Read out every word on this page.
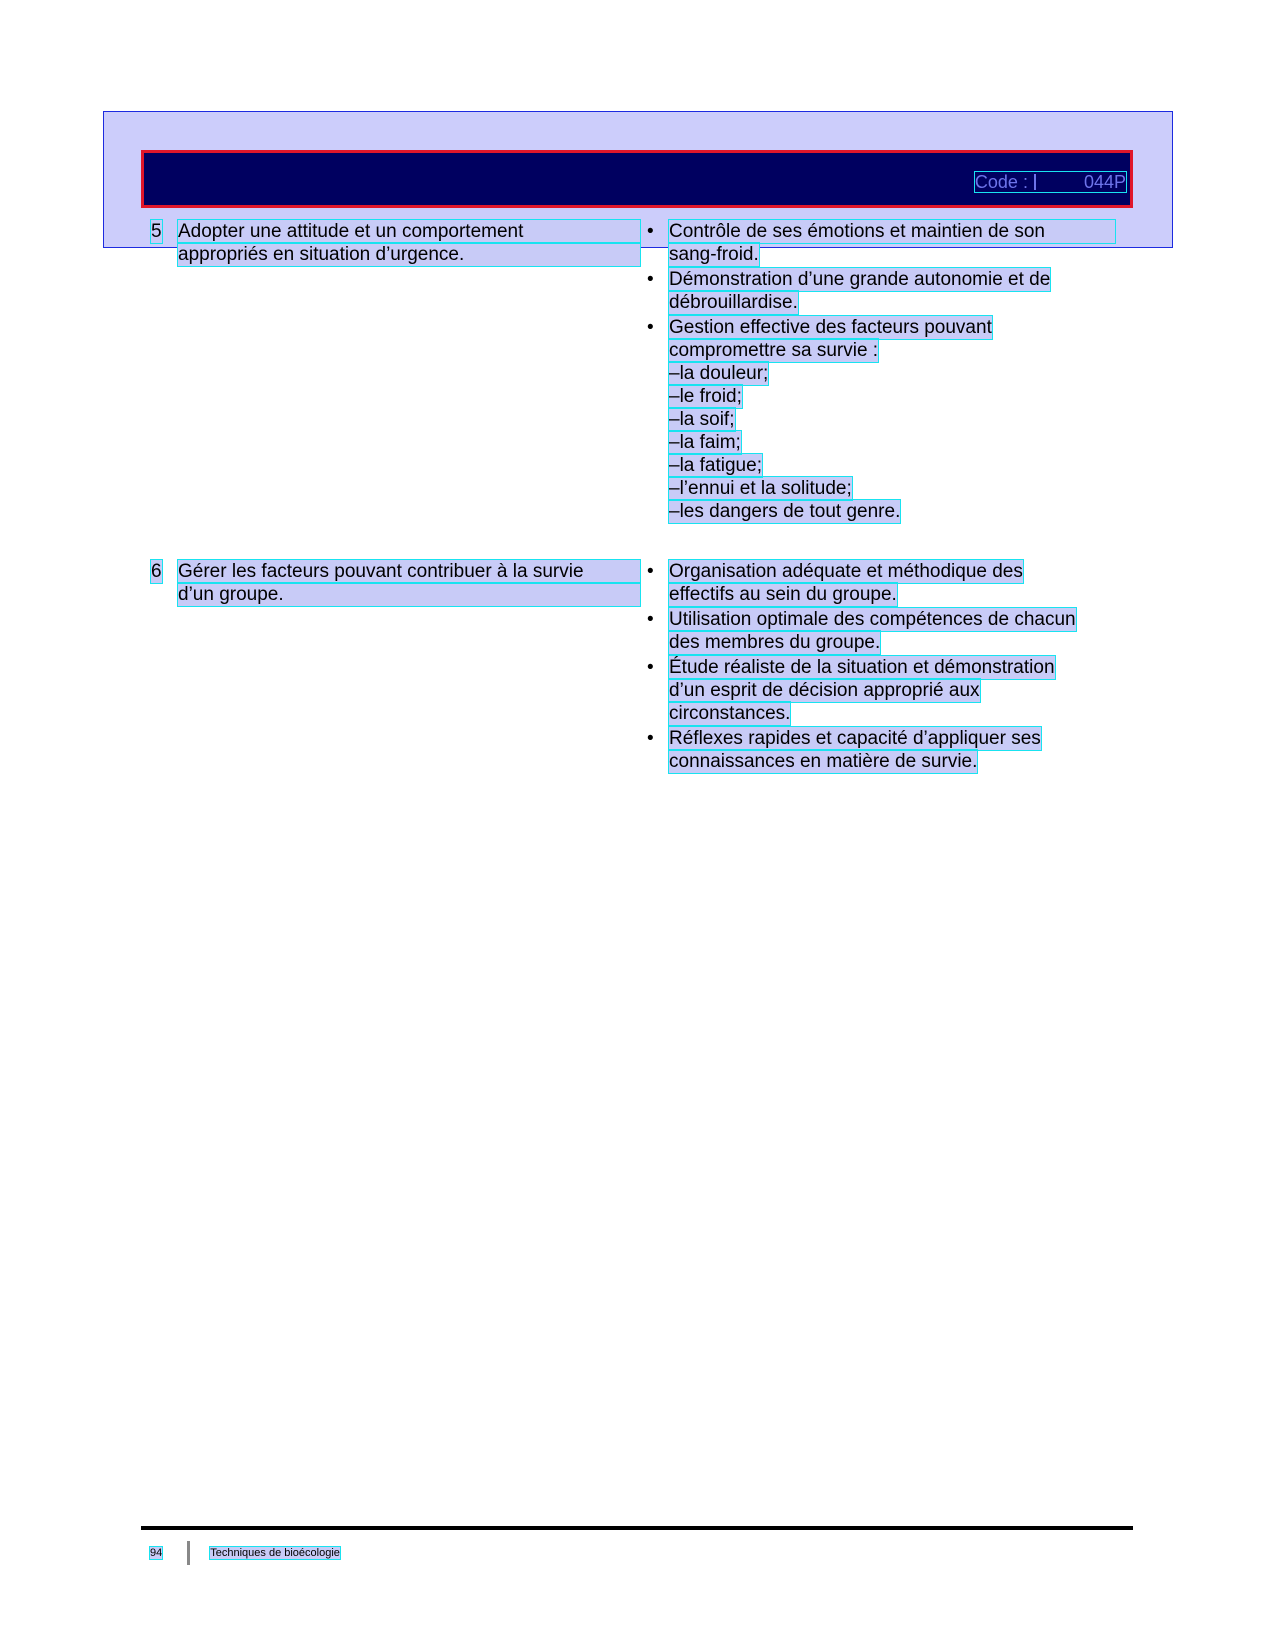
Code :	044P
5 Adopter une attitude et un comportement
appropriés en situation d’urgence.
• Contrôle de ses émotions et maintien de son
sang-froid.
• Démonstration d’une grande autonomie et de
débrouillardise.
• Gestion effective des facteurs pouvant
compromettre sa survie :
–la douleur;
–le froid;
–la soif;
–la faim;
–la fatigue;
–l’ennui et la solitude;
–les dangers de tout genre.
6 Gérer les facteurs pouvant contribuer à la survie
d’un groupe.
• Organisation adéquate et méthodique des
effectifs au sein du groupe.
• Utilisation optimale des compétences de chacun
des membres du groupe.
• Étude réaliste de la situation et démonstration
d’un esprit de décision approprié aux
circonstances.
• Réflexes rapides et capacité d’appliquer ses
connaissances en matière de survie.
94	Techniques de bioécologie
